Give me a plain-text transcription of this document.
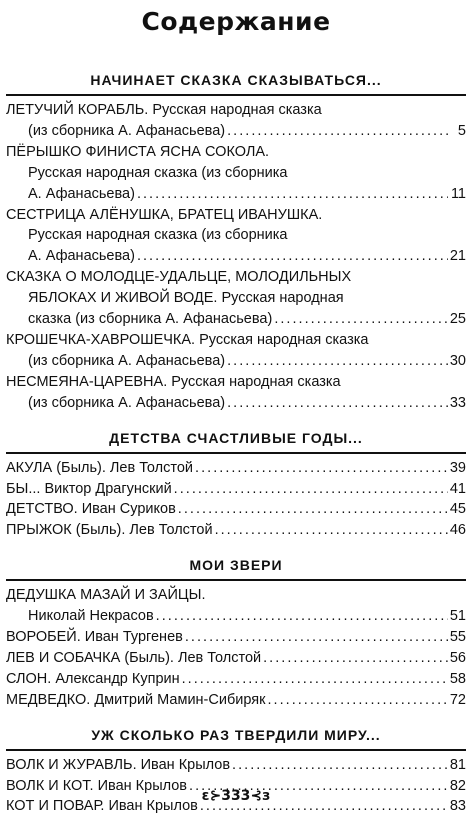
Содержание
НАЧИНАЕТ СКАЗКА СКАЗЫВАТЬСЯ...
ЛЕТУЧИЙ КОРАБЛЬ. Русская народная сказка
(из сборника А. Афанасьева) . . .	5
ПЁРЫШКО ФИНИСТА ЯСНА СОКОЛА.
Русская народная сказка (из сборника
А. Афанасьева) . . .	11
СЕСТРИЦА АЛЁНУШКА, БРАТЕЦ ИВАНУШКА.
Русская народная сказка (из сборника
А. Афанасьева) . . .	21
СКАЗКА О МОЛОДЦЕ-УДАЛЬЦЕ, МОЛОДИЛЬНЫХ
ЯБЛОКАХ И ЖИВОЙ ВОДЕ. Русская народная
сказка (из сборника А. Афанасьева) . . .	25
КРОШЕЧКА-ХАВРОШЕЧКА. Русская народная сказка
(из сборника А. Афанасьева) . . .	30
НЕСМЕЯНА-ЦАРЕВНА. Русская народная сказка
(из сборника А. Афанасьева) . . .	33
ДЕТСТВА СЧАСТЛИВЫЕ ГОДЫ...
АКУЛА (Быль). Лев Толстой . . .	39
БЫ... Виктор Драгунский . . .	41
ДЕТСТВО. Иван Суриков . . .	45
ПРЫЖОК (Быль). Лев Толстой . . .	46
МОИ ЗВЕРИ
ДЕДУШКА МАЗАЙ И ЗАЙЦЫ.
Николай Некрасов . . .	51
ВОРОБЕЙ. Иван Тургенев . . .	55
ЛЕВ И СОБАЧКА (Быль). Лев Толстой . . .	56
СЛОН. Александр Куприн . . .	58
МЕДВЕДКО. Дмитрий Мамин-Сибиряк . . .	72
УЖ СКОЛЬКО РАЗ ТВЕРДИЛИ МИРУ...
ВОЛК И ЖУРАВЛЬ. Иван Крылов . . .	81
ВОЛК И КОТ. Иван Крылов . . .	82
КОТ И ПОВАР. Иван Крылов . . .	83
ε⊱333⊰з
